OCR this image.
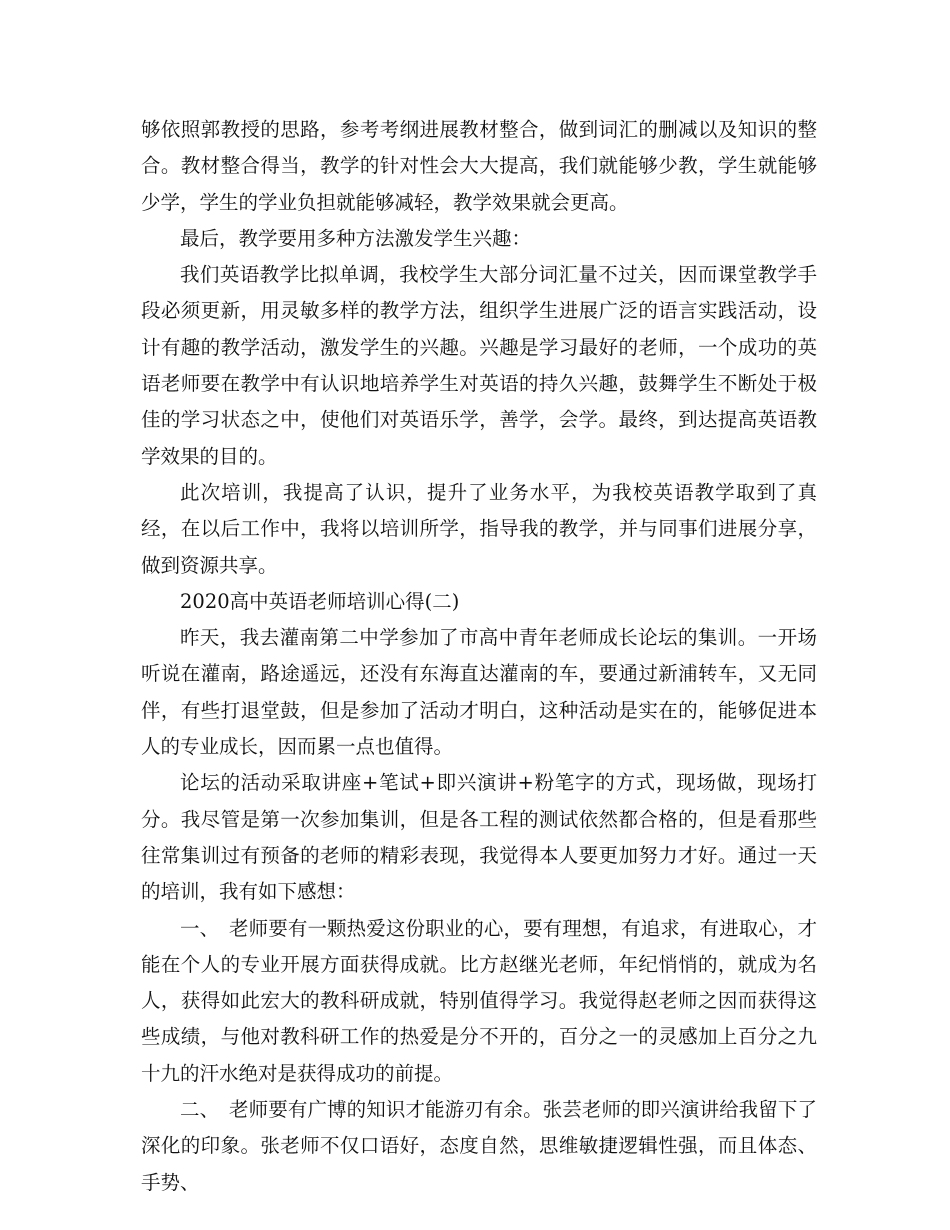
够依照郭教授的思路，参考考纲进展教材整合，做到词汇的删减以及知识的整合。教材整合得当，教学的针对性会大大提高，我们就能够少教，学生就能够少学，学生的学业负担就能够减轻，教学效果就会更高。

最后，教学要用多种方法激发学生兴趣：

我们英语教学比拟单调，我校学生大部分词汇量不过关，因而课堂教学手段必须更新，用灵敏多样的教学方法，组织学生进展广泛的语言实践活动，设计有趣的教学活动，激发学生的兴趣。兴趣是学习最好的老师，一个成功的英语老师要在教学中有认识地培养学生对英语的持久兴趣，鼓舞学生不断处于极佳的学习状态之中，使他们对英语乐学，善学，会学。最终，到达提高英语教学效果的目的。

此次培训，我提高了认识，提升了业务水平，为我校英语教学取到了真经，在以后工作中，我将以培训所学，指导我的教学，并与同事们进展分享，做到资源共享。

2020高中英语老师培训心得(二)

昨天，我去灌南第二中学参加了市高中青年老师成长论坛的集训。一开场听说在灌南，路途遥远，还没有东海直达灌南的车，要通过新浦转车，又无同伴，有些打退堂鼓，但是参加了活动才明白，这种活动是实在的，能够促进本人的专业成长，因而累一点也值得。

论坛的活动采取讲座+笔试+即兴演讲+粉笔字的方式，现场做，现场打分。我尽管是第一次参加集训，但是各工程的测试依然都合格的，但是看那些往常集训过有预备的老师的精彩表现，我觉得本人要更加努力才好。通过一天的培训，我有如下感想：

一、　老师要有一颗热爱这份职业的心，要有理想，有追求，有进取心，才能在个人的专业开展方面获得成就。比方赵继光老师，年纪悄悄的，就成为名人，获得如此宏大的教科研成就，特别值得学习。我觉得赵老师之因而获得这些成绩，与他对教科研工作的热爱是分不开的，百分之一的灵感加上百分之九十九的汗水绝对是获得成功的前提。

二、　老师要有广博的知识才能游刃有余。张芸老师的即兴演讲给我留下了深化的印象。张老师不仅口语好，态度自然，思维敏捷逻辑性强，而且体态、手势、
